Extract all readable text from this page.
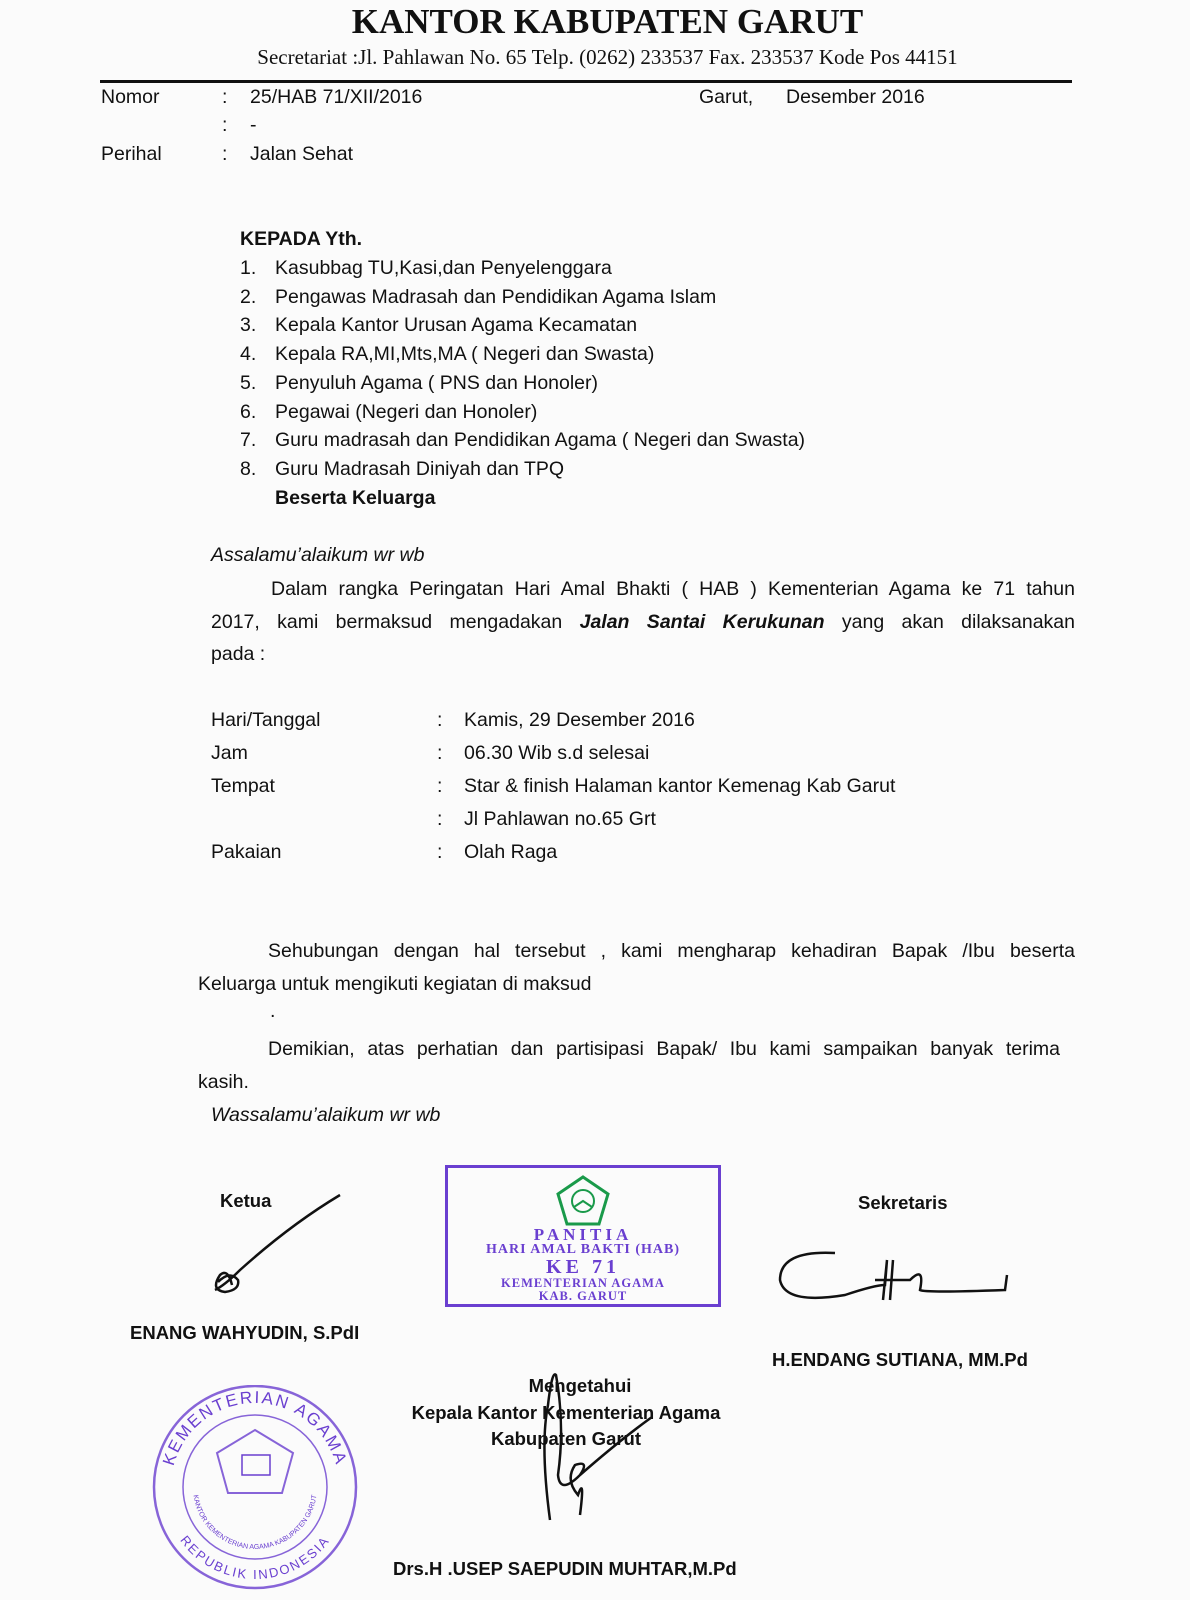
KANTOR KABUPATEN GARUT
Secretariat :Jl. Pahlawan No. 65 Telp. (0262) 233537 Fax. 233537 Kode Pos 44151
Nomor	: 25/HAB 71/XII/2016	Garut, Desember 2016
: -
Perihal	: Jalan Sehat
KEPADA Yth.
1. Kasubbag TU,Kasi,dan Penyelenggara
2. Pengawas Madrasah dan Pendidikan Agama Islam
3. Kepala Kantor Urusan Agama Kecamatan
4. Kepala RA,MI,Mts,MA ( Negeri dan Swasta)
5. Penyuluh Agama ( PNS dan Honoler)
6. Pegawai (Negeri dan Honoler)
7. Guru madrasah dan Pendidikan Agama ( Negeri dan Swasta)
8. Guru Madrasah Diniyah dan TPQ
Beserta Keluarga
Assalamu’alaikum wr wb
Dalam rangka Peringatan Hari Amal Bhakti ( HAB ) Kementerian Agama ke 71 tahun
2017, kami bermaksud mengadakan Jalan Santai Kerukunan yang akan dilaksanakan
pada :
Hari/Tanggal	: Kamis, 29 Desember 2016
Jam	: 06.30 Wib s.d selesai
Tempat	: Star & finish Halaman kantor Kemenag Kab Garut
: Jl Pahlawan no.65 Grt
Pakaian	: Olah Raga
.
Sehubungan dengan hal tersebut , kami mengharap kehadiran Bapak /Ibu beserta
Keluarga untuk mengikuti kegiatan di maksud
Demikian, atas perhatian dan partisipasi Bapak/ Ibu kami sampaikan banyak terima
kasih.
Wassalamu’alaikum wr wb
Ketua
ENANG WAHYUDIN, S.PdI
PANITIA
HARI AMAL BAKTI (HAB)
KE 71
KEMENTERIAN AGAMA
KAB. GARUT
Sekretaris
H.ENDANG SUTIANA, MM.Pd
KEMENTERIAN AGAMA
REPUBLIK INDONESIA
KANTOR KEMENTERIAN AGAMA KABUPATEN GARUT
Mengetahui
Kepala Kantor Kementerian Agama
Kabupaten Garut
Drs.H .USEP SAEPUDIN MUHTAR,M.Pd
